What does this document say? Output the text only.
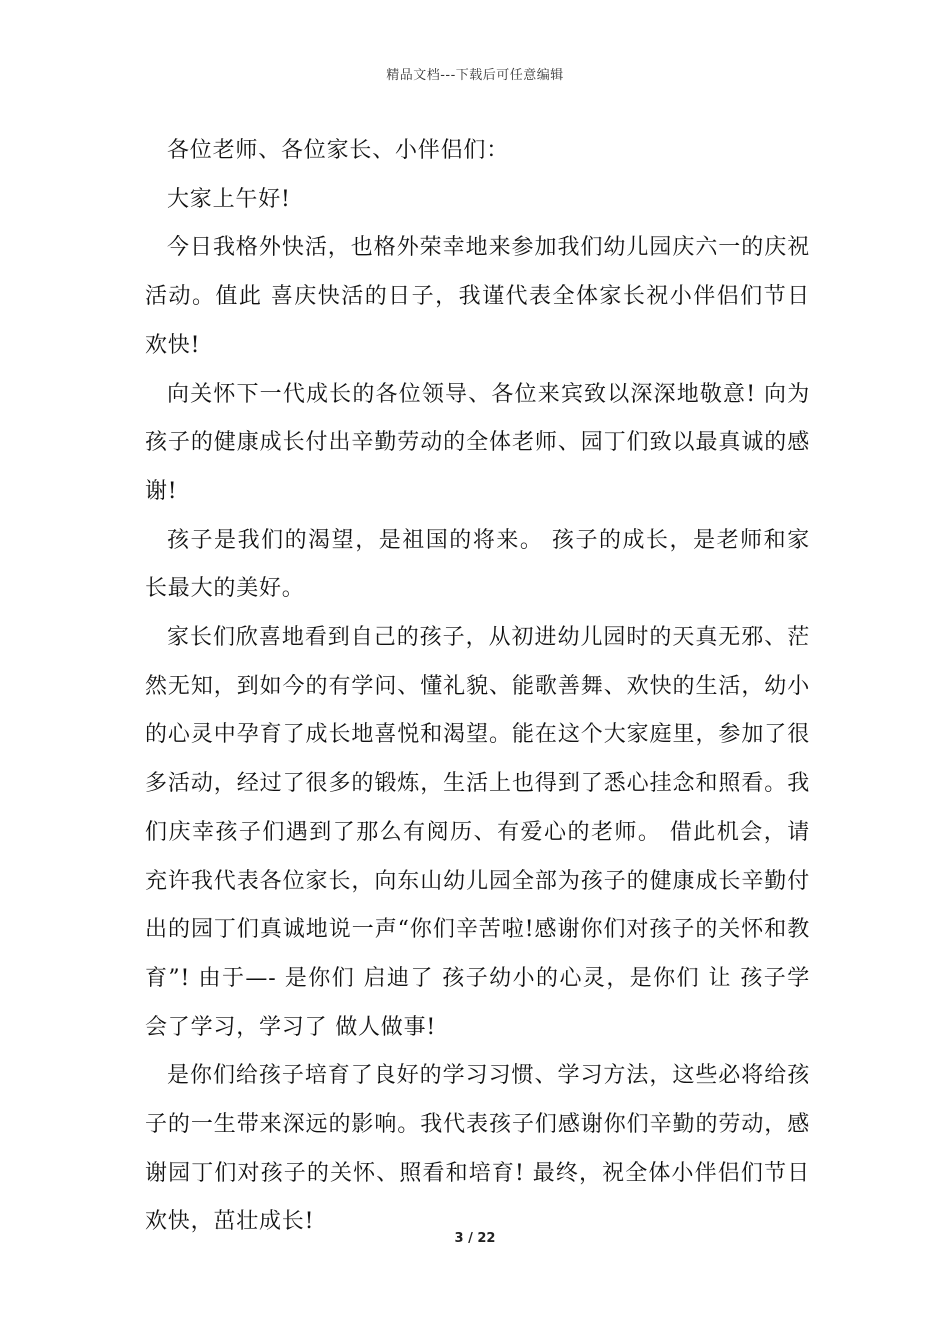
精品文档---下载后可任意编辑

各位老师、各位家长、小伴侣们：

大家上午好!

今日我格外快活，也格外荣幸地来参加我们幼儿园庆六一的庆祝活动。值此 喜庆快活的日子，我谨代表全体家长祝小伴侣们节日欢快!

向关怀下一代成长的各位领导、各位来宾致以深深地敬意! 向为孩子的健康成长付出辛勤劳动的全体老师、园丁们致以最真诚的感谢!

孩子是我们的渴望，是祖国的将来。 孩子的成长，是老师和家长最大的美好。

家长们欣喜地看到自己的孩子，从初进幼儿园时的天真无邪、茫然无知，到如今的有学问、懂礼貌、能歌善舞、欢快的生活，幼小的心灵中孕育了成长地喜悦和渴望。能在这个大家庭里，参加了很多活动，经过了很多的锻炼，生活上也得到了悉心挂念和照看。我们庆幸孩子们遇到了那么有阅历、有爱心的老师。 借此机会，请充许我代表各位家长，向东山幼儿园全部为孩子的健康成长辛勤付出的园丁们真诚地说一声“你们辛苦啦!感谢你们对孩子的关怀和教育”! 由于—- 是你们 启迪了 孩子幼小的心灵，是你们 让 孩子学会了学习，学习了 做人做事!

是你们给孩子培育了良好的学习习惯、学习方法，这些必将给孩子的一生带来深远的影响。我代表孩子们感谢你们辛勤的劳动，感谢园丁们对孩子的关怀、照看和培育! 最终，祝全体小伴侣们节日欢快，茁壮成长!

3 / 22
